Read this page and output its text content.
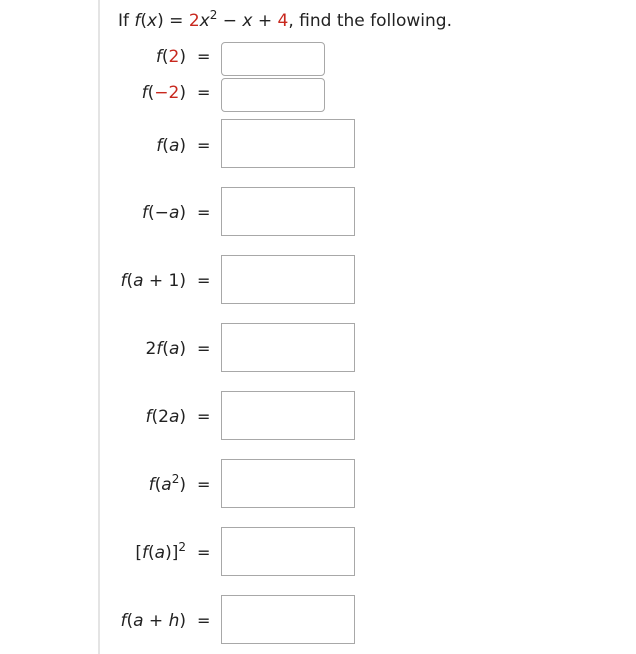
If $f(x) = 2x^2 - x + 4$, find the following.
f(2) =
f(−2) =
f(a) =
f(−a) =
f(a + 1) =
2f(a) =
f(2a) =
$f(a^2)$ =
$[f(a)]^2$ =
f(a + h) =
